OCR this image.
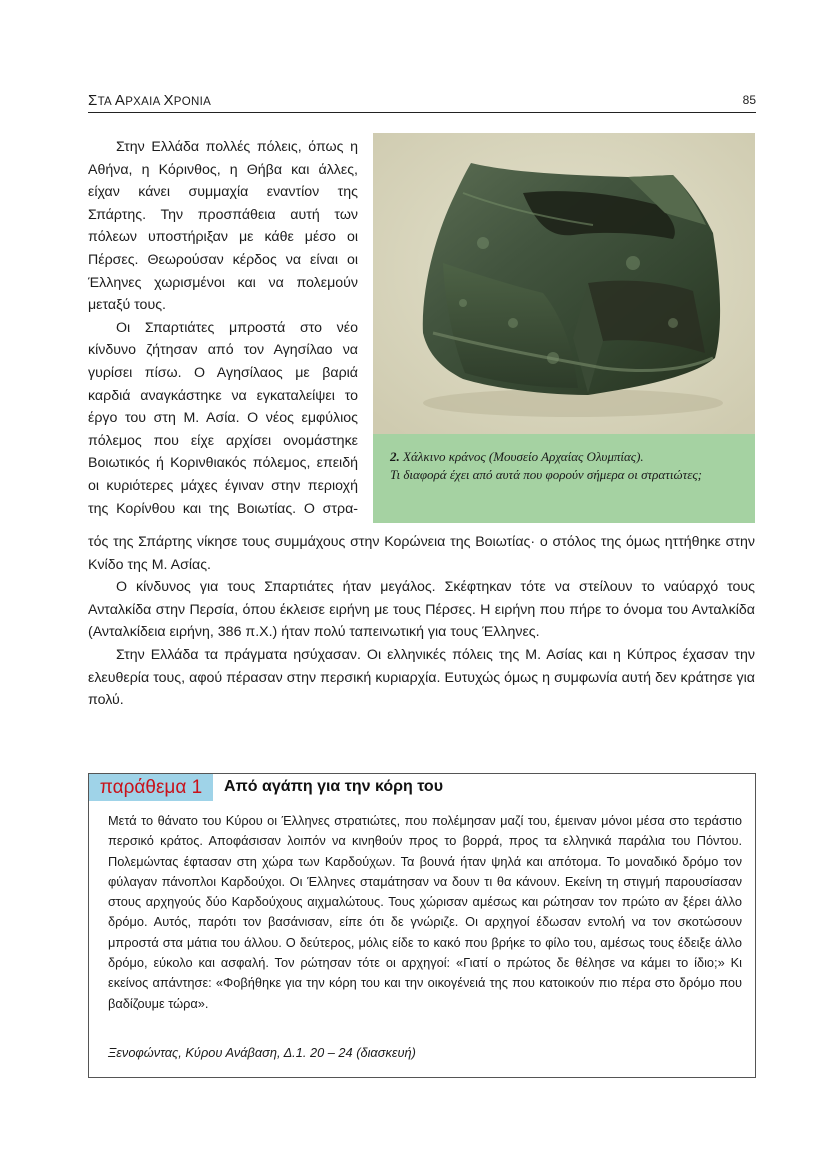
ΣΤΑ ΑΡΧΑΙΑ ΧΡΟΝΙΑ	85

Στην Ελλάδα πολλές πόλεις, όπως η Αθήνα, η Κόρινθος, η Θήβα και άλλες, είχαν κάνει συμμαχία εναντίον της Σπάρτης. Την προσπάθεια αυτή των πόλεων υποστήριξαν με κάθε μέσο οι Πέρσες. Θεωρούσαν κέρδος να είναι οι Έλληνες χωρισμένοι και να πολεμούν μεταξύ τους.

Οι Σπαρτιάτες μπροστά στο νέο κίνδυνο ζήτησαν από τον Αγησίλαο να γυρίσει πίσω. Ο Αγησίλαος με βαριά καρδιά αναγκάστηκε να εγκαταλείψει το έργο του στη Μ. Ασία. Ο νέος εμφύλιος πόλεμος που είχε αρχίσει ονομάστηκε Βοιωτικός ή Κορινθιακός πόλεμος, επειδή οι κυριότερες μάχες έγιναν στην περιοχή της Κορίνθου και της Βοιωτίας. Ο στρα-

2. Χάλκινο κράνος (Μουσείο Αρχαίας Ολυμπίας).
Τι διαφορά έχει από αυτά που φορούν σήμερα οι στρατιώτες;

τός της Σπάρτης νίκησε τους συμμάχους στην Κορώνεια της Βοιωτίας· ο στόλος της όμως ηττήθηκε στην Κνίδο της Μ. Ασίας.

Ο κίνδυνος για τους Σπαρτιάτες ήταν μεγάλος. Σκέφτηκαν τότε να στείλουν το ναύαρχό τους Ανταλκίδα στην Περσία, όπου έκλεισε ειρήνη με τους Πέρσες. Η ειρήνη που πήρε το όνομα του Ανταλκίδα (Ανταλκίδεια ειρήνη, 386 π.Χ.) ήταν πολύ ταπεινωτική για τους Έλληνες.

Στην Ελλάδα τα πράγματα ησύχασαν. Οι ελληνικές πόλεις της Μ. Ασίας και η Κύπρος έχασαν την ελευθερία τους, αφού πέρασαν στην περσική κυριαρχία. Ευτυχώς όμως η συμφωνία αυτή δεν κράτησε για πολύ.

παράθεμα 1	Από αγάπη για την κόρη του

Μετά το θάνατο του Κύρου οι Έλληνες στρατιώτες, που πολέμησαν μαζί του, έμειναν μόνοι μέσα στο τεράστιο περσικό κράτος. Αποφάσισαν λοιπόν να κινηθούν προς το βορρά, προς τα ελληνικά παράλια του Πόντου. Πολεμώντας έφτασαν στη χώρα των Καρδούχων. Τα βουνά ήταν ψηλά και απότομα. Το μοναδικό δρόμο τον φύλαγαν πάνοπλοι Καρδούχοι. Οι Έλληνες σταμάτησαν να δουν τι θα κάνουν. Εκείνη τη στιγμή παρουσίασαν στους αρχηγούς δύο Καρδούχους αιχμαλώτους. Τους χώρισαν αμέσως και ρώτησαν τον πρώτο αν ξέρει άλλο δρόμο. Αυτός, παρότι τον βασάνισαν, είπε ότι δε γνώριζε. Οι αρχηγοί έδωσαν εντολή να τον σκοτώσουν μπροστά στα μάτια του άλλου. Ο δεύτερος, μόλις είδε το κακό που βρήκε το φίλο του, αμέσως τους έδειξε άλλο δρόμο, εύκολο και ασφαλή. Τον ρώτησαν τότε οι αρχηγοί: «Γιατί ο πρώτος δε θέλησε να κάμει το ίδιο;» Κι εκείνος απάντησε: «Φοβήθηκε για την κόρη του και την οικογένειά της που κατοικούν πιο πέρα στο δρόμο που βαδίζουμε τώρα».

Ξενοφώντας, Κύρου Ανάβαση, Δ.1. 20 – 24 (διασκευή)
